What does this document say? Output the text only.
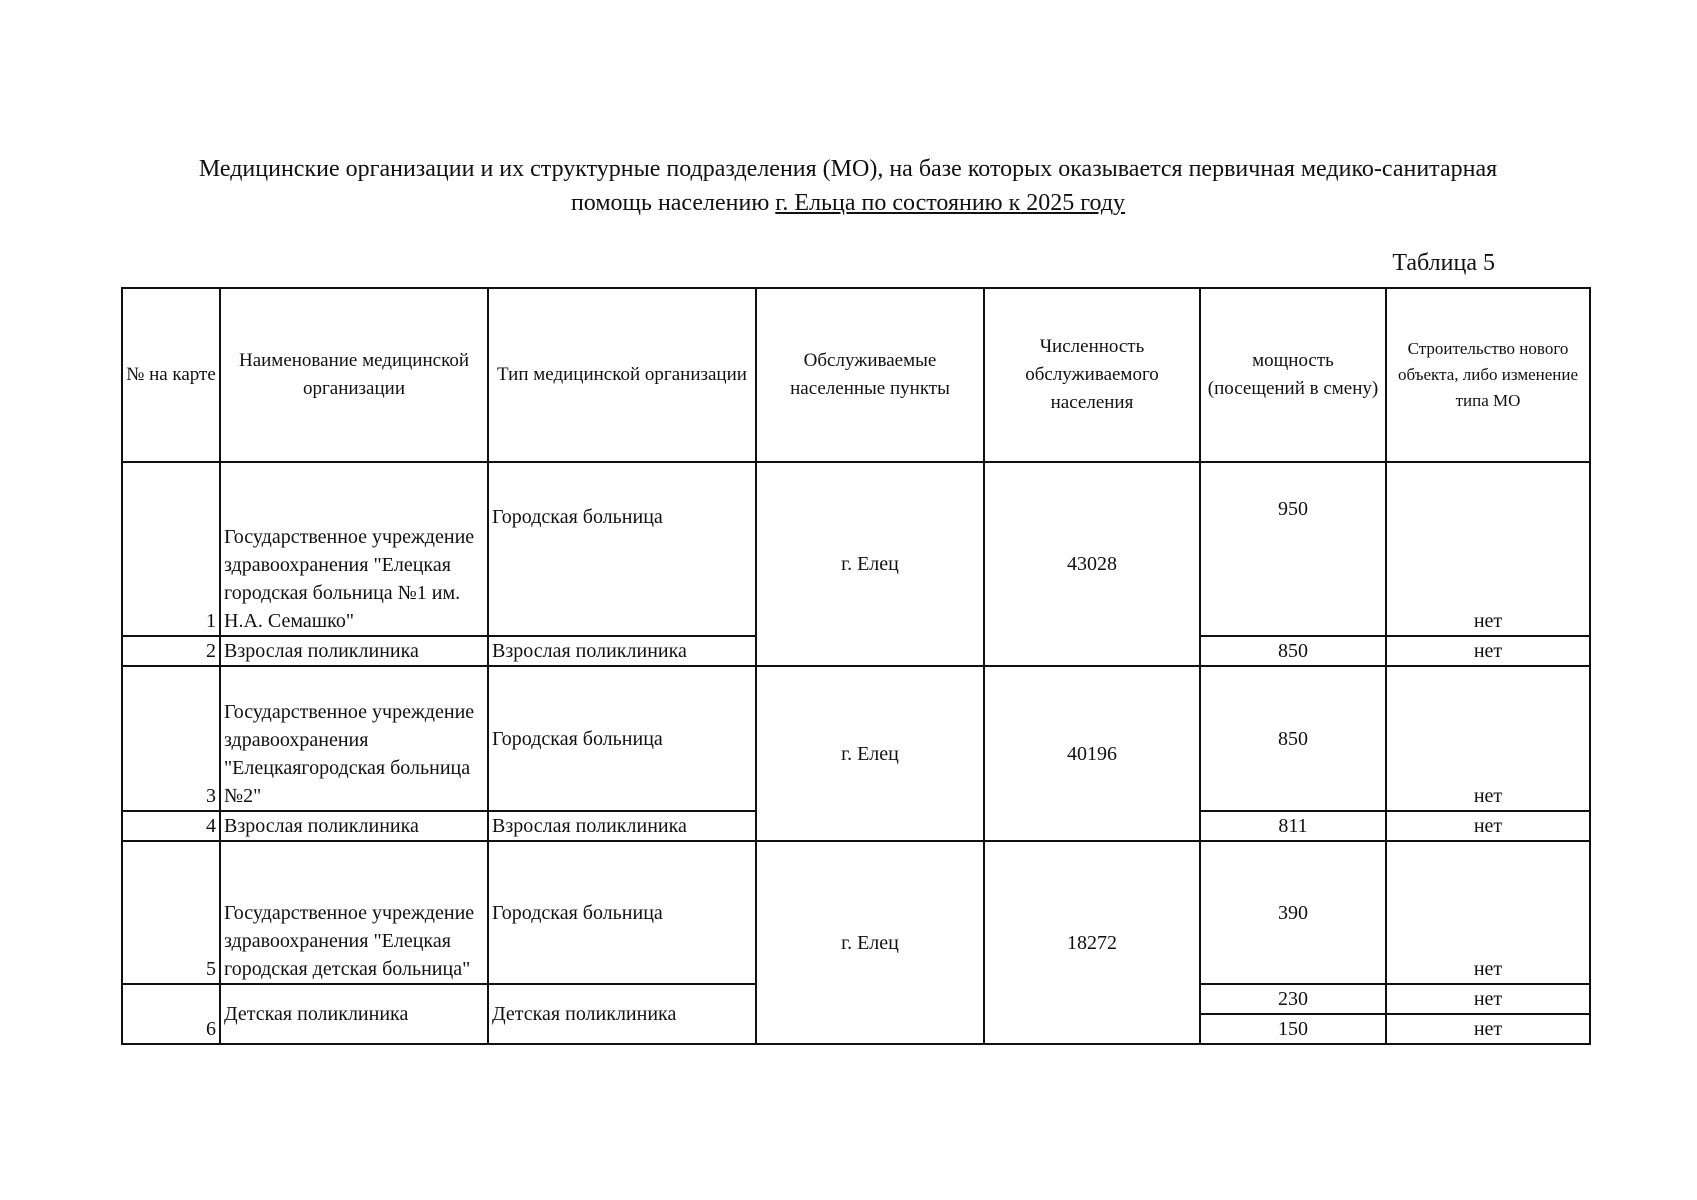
Медицинские организации и их структурные подразделения (МО), на базе которых оказывается первичная медико-санитарная
помощь населению г. Ельца по состоянию к 2025 году
Таблица 5
№ на карте	Наименование медицинской организации	Тип медицинской организации	Обслуживаемые населенные пункты	Численность обслуживаемого населения	мощность (посещений в смену)	Строительство нового объекта, либо изменение типа МО
1	Государственное учреждение здравоохранения "Елецкая городская больница №1 им. Н.А. Семашко"	Городская больница	г. Елец	43028	950	нет
2	Взрослая поликлиника	Взрослая поликлиника			850	нет
3	Государственное учреждение здравоохранения "Елецкаягородская больница №2"	Городская больница	г. Елец	40196	850	нет
4	Взрослая поликлиника	Взрослая поликлиника			811	нет
5	Государственное учреждение здравоохранения "Елецкая городская детская больница"	Городская больница	г. Елец	18272	390	нет
6	Детская поликлиника	Детская поликлиника			230	нет
					150	нет
